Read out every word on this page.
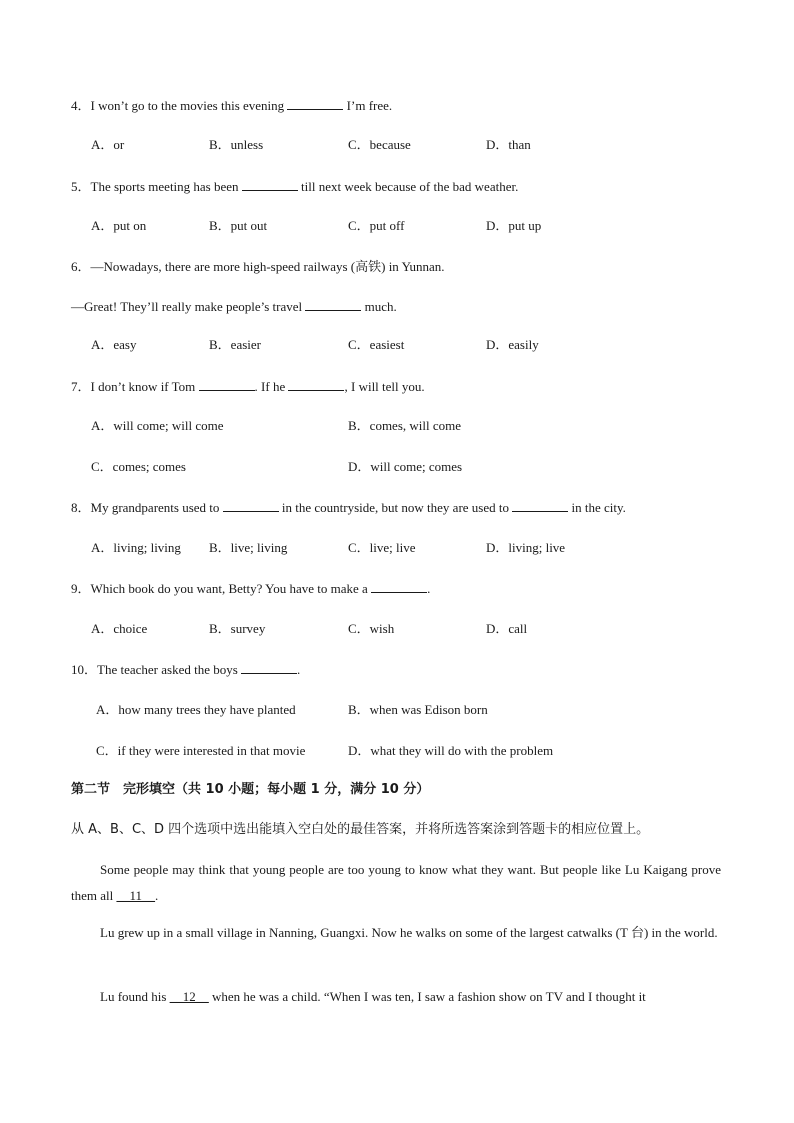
4．I won’t go to the movies this evening	I’m free.
A．or	B．unless	C．because	D．than
5．The sports meeting has been	till next week because of the bad weather.
A．put on	B．put out	C．put off	D．put up
6．—Nowadays, there are more high-speed railways (高铁) in Yunnan.
—Great! They’ll really make people’s travel	much.
A．easy	B．easier	C．easiest	D．easily
7．I don’t know if Tom	. If he	, I will tell you.
A．will come; will come	B．comes, will come
C．comes; comes	D．will come; comes
8．My grandparents used to	in the countryside, but now they are used to	in the city.
A．living; living B．live; living	C．live; live	D．living; live
9．Which book do you want, Betty? You have to make a	.
A．choice	B．survey	C．wish	D．call
10．The teacher asked the boys	.
A．how many trees they have planted	B．when was Edison born
C．if they were interested in that movie	D．what they will do with the problem
第二节　完形填空（共 10 小题；每小题 1 分，满分 10 分）
从 A、B、C、D 四个选项中选出能填入空白处的最佳答案，并将所选答案涂到答题卡的相应位置上。
Some people may think that young people are too young to know what they want. But people like Lu Kaigang prove them all __11__.
Lu grew up in a small village in Nanning, Guangxi. Now he walks on some of the largest catwalks (T 台) in the world.
Lu found his __12__ when he was a child. “When I was ten, I saw a fashion show on TV and I thought it
